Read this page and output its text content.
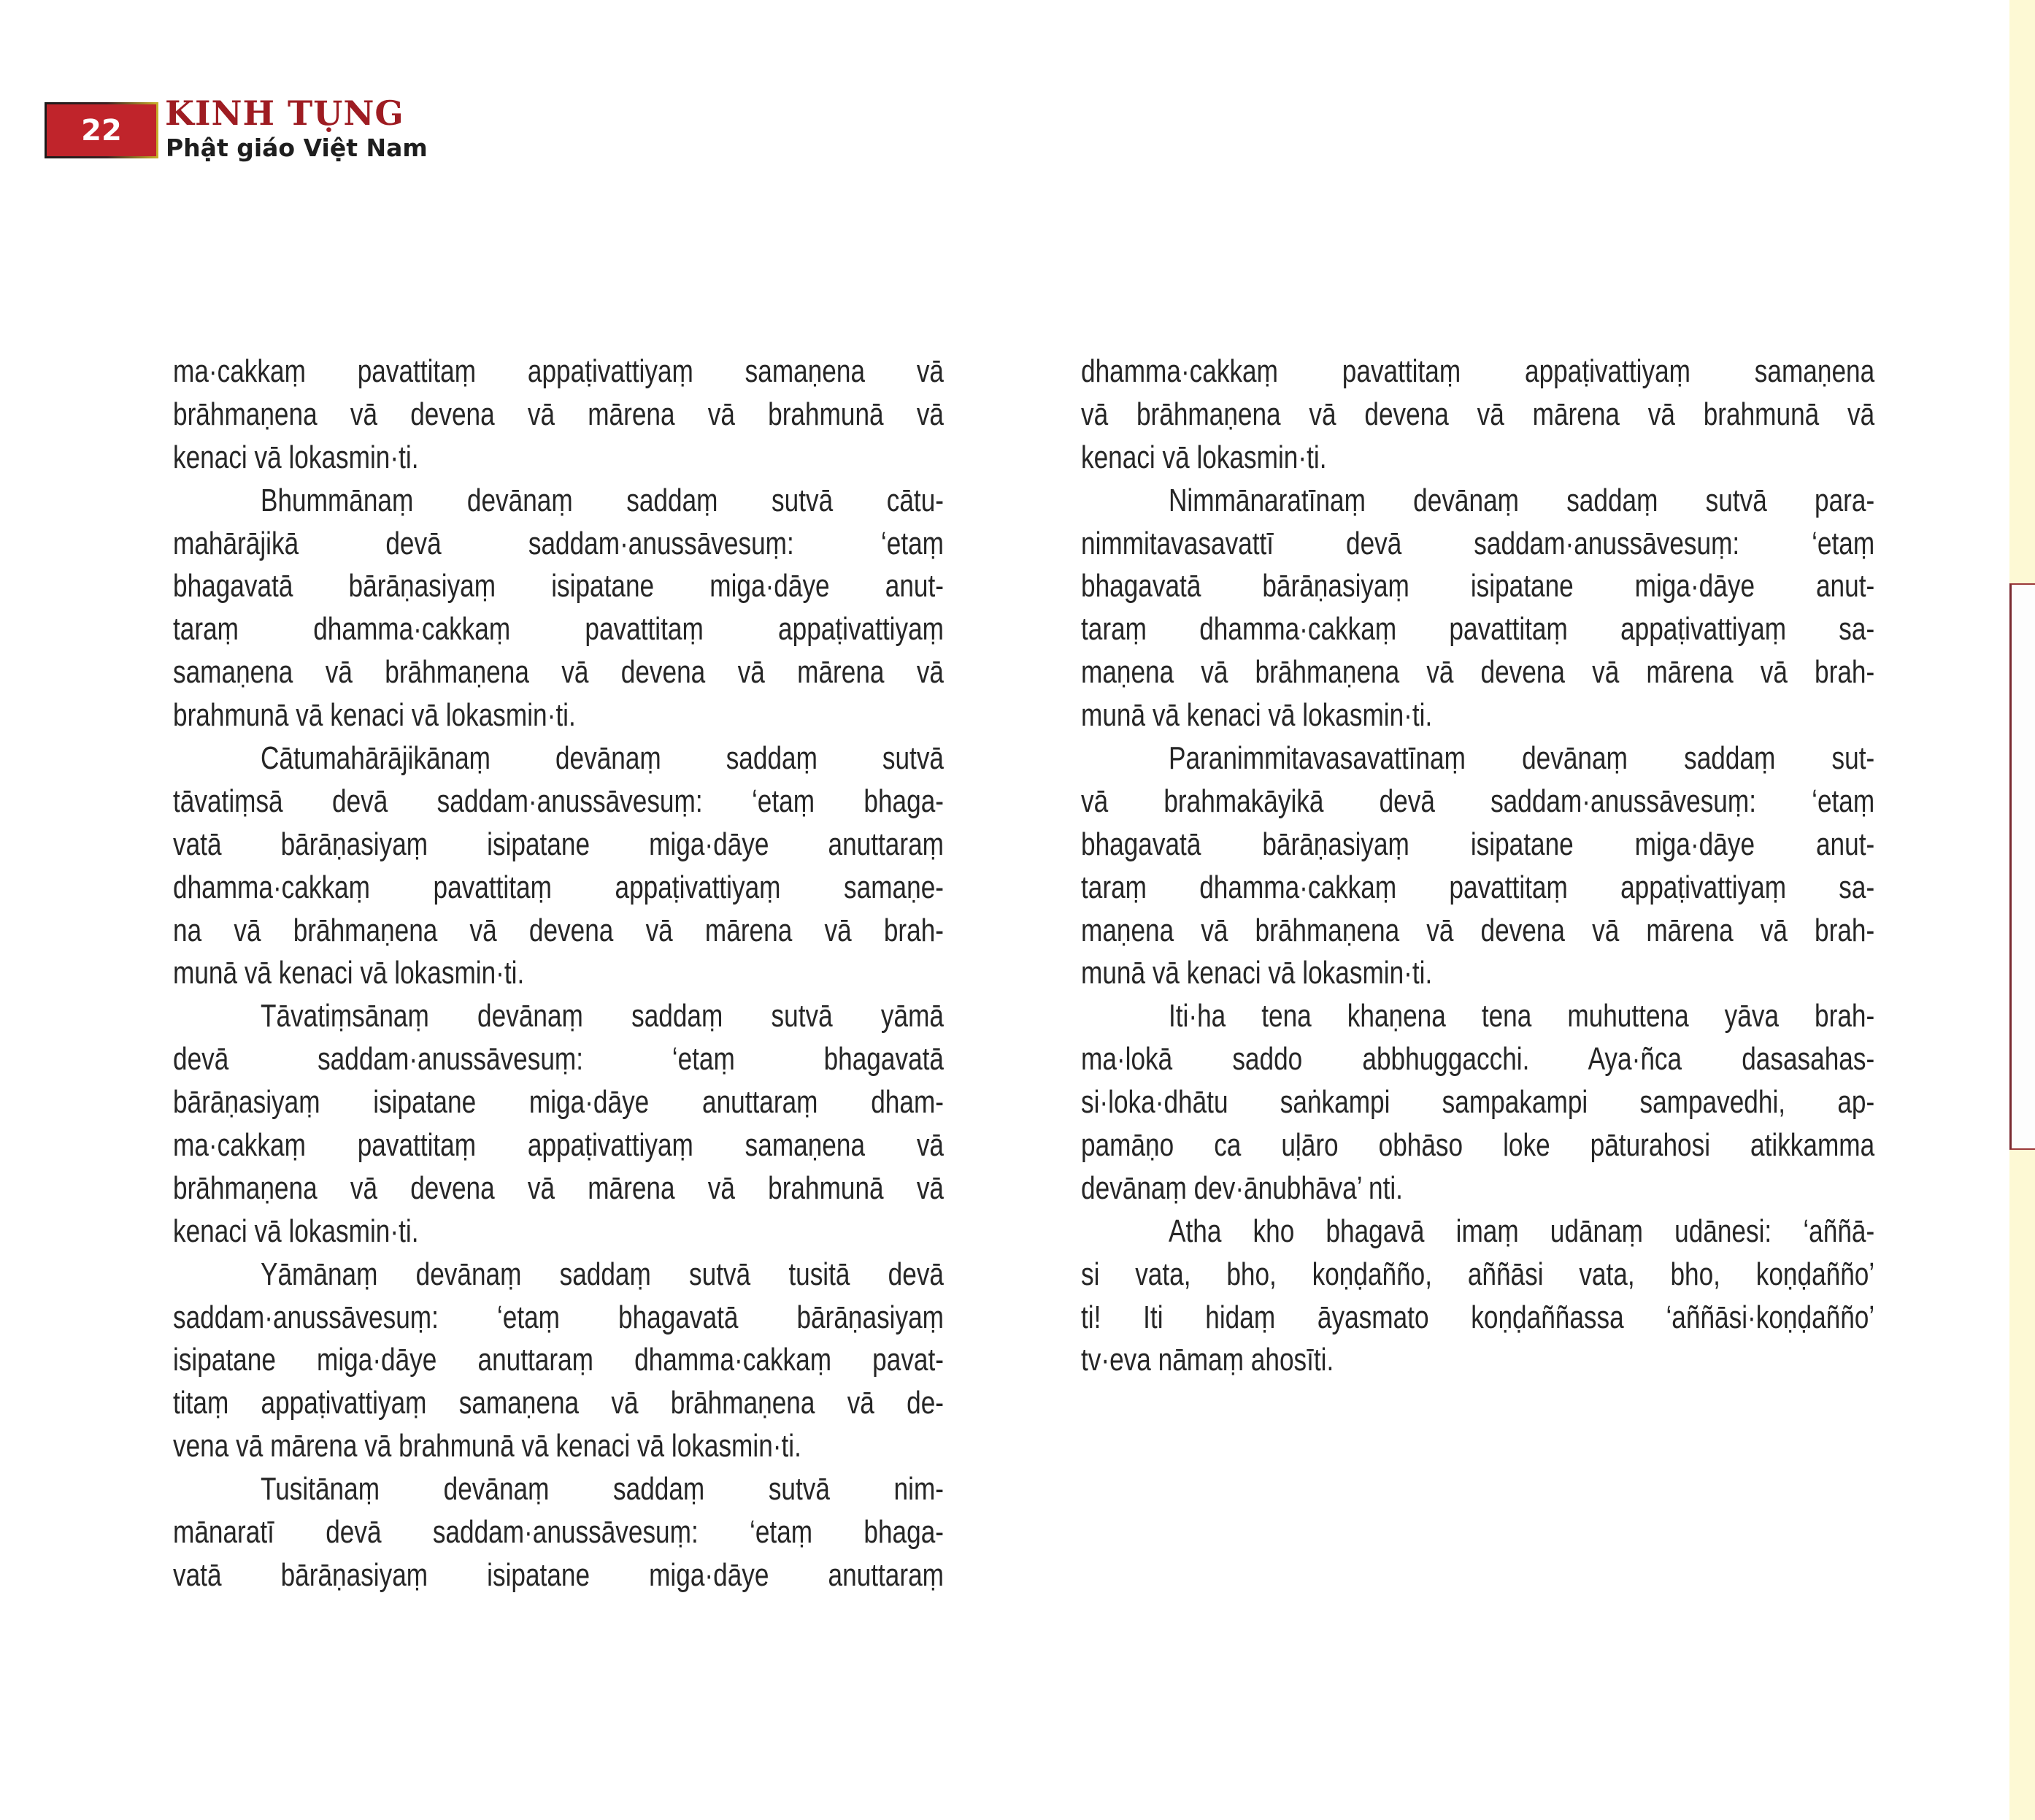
22	KINH TỤNG
Phật giáo Việt Nam
ma·cakkaṃ pavattitaṃ appaṭivattiyaṃ samaṇena vā
brāhmaṇena vā devena vā mārena vā brahmunā vā
kenaci vā lokasmin·ti.
Bhummānaṃ devānaṃ saddaṃ sutvā cātu-
mahārājikā devā saddam·anussāvesuṃ: ‘etaṃ
bhagavatā bārāṇasiyaṃ isipatane miga·dāye anut-
taraṃ dhamma·cakkaṃ pavattitaṃ appaṭivattiyaṃ
samaṇena vā brāhmaṇena vā devena vā mārena vā
brahmunā vā kenaci vā lokasmin·ti.
Cātumahārājikānaṃ devānaṃ saddaṃ sutvā
tāvatiṃsā devā saddam·anussāvesuṃ: ‘etaṃ bhaga-
vatā bārāṇasiyaṃ isipatane miga·dāye anuttaraṃ
dhamma·cakkaṃ pavattitaṃ appaṭivattiyaṃ samaṇe-
na vā brāhmaṇena vā devena vā mārena vā brah-
munā vā kenaci vā lokasmin·ti.
Tāvatiṃsānaṃ devānaṃ saddaṃ sutvā yāmā
devā saddam·anussāvesuṃ: ‘etaṃ bhagavatā
bārāṇasiyaṃ isipatane miga·dāye anuttaraṃ dham-
ma·cakkaṃ pavattitaṃ appaṭivattiyaṃ samaṇena vā
brāhmaṇena vā devena vā mārena vā brahmunā vā
kenaci vā lokasmin·ti.
Yāmānaṃ devānaṃ saddaṃ sutvā tusitā devā
saddam·anussāvesuṃ: ‘etaṃ bhagavatā bārāṇasiyaṃ
isipatane miga·dāye anuttaraṃ dhamma·cakkaṃ pavat-
titaṃ appaṭivattiyaṃ samaṇena vā brāhmaṇena vā de-
vena vā mārena vā brahmunā vā kenaci vā lokasmin·ti.
Tusitānaṃ devānaṃ saddaṃ sutvā nim-
mānaratī devā saddam·anussāvesuṃ: ‘etaṃ bhaga-
vatā bārāṇasiyaṃ isipatane miga·dāye anuttaraṃ
dhamma·cakkaṃ pavattitaṃ appaṭivattiyaṃ samaṇena
vā brāhmaṇena vā devena vā mārena vā brahmunā vā
kenaci vā lokasmin·ti.
Nimmānaratīnaṃ devānaṃ saddaṃ sutvā para-
nimmitavasavattī devā saddam·anussāvesuṃ: ‘etaṃ
bhagavatā bārāṇasiyaṃ isipatane miga·dāye anut-
taraṃ dhamma·cakkaṃ pavattitaṃ appaṭivattiyaṃ sa-
maṇena vā brāhmaṇena vā devena vā mārena vā brah-
munā vā kenaci vā lokasmin·ti.
Paranimmitavasavattīnaṃ devānaṃ saddaṃ sut-
vā brahmakāyikā devā saddam·anussāvesuṃ: ‘etaṃ
bhagavatā bārāṇasiyaṃ isipatane miga·dāye anut-
taraṃ dhamma·cakkaṃ pavattitaṃ appaṭivattiyaṃ sa-
maṇena vā brāhmaṇena vā devena vā mārena vā brah-
munā vā kenaci vā lokasmin·ti.
Iti·ha tena khaṇena tena muhuttena yāva brah-
ma·lokā saddo abbhuggacchi. Aya·ñca dasasahas-
si·loka·dhātu saṅkampi sampakampi sampavedhi, ap-
pamāṇo ca uḷāro obhāso loke pāturahosi atikkamma
devānaṃ dev·ānubhāva’ nti.
Atha kho bhagavā imaṃ udānaṃ udānesi: ‘aññā-
si vata, bho, koṇḍañño, aññāsi vata, bho, koṇḍañño’
ti! Iti hidaṃ āyasmato koṇḍaññassa ‘aññāsi·koṇḍañño’
tv·eva nāmaṃ ahosīti.
